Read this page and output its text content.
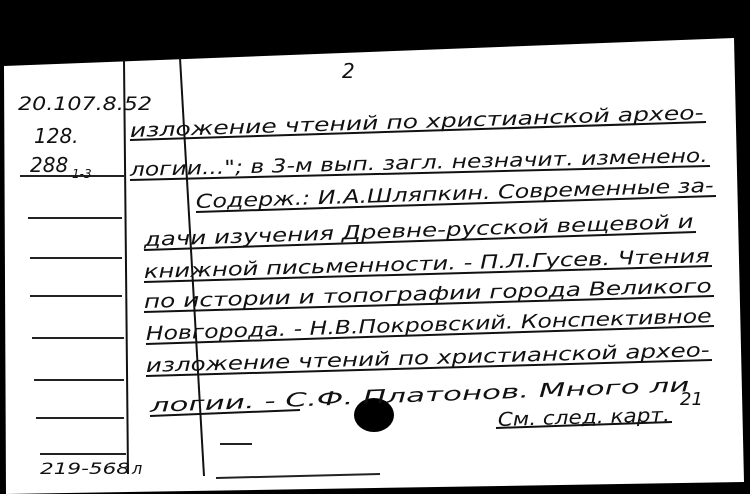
2
20.107.8.52
128.
288 1-3
219-568 л
изложение чтений по христианской архео-
логии..."; в 3-м вып. загл. незначит. изменено.
Содерж.: И.А.Шляпкин. Современные за-
дачи изучения Древне-русской вещевой и
книжной письменности. - П.Л.Гусев. Чтения
по истории и топографии города Великого
Новгорода. - Н.В.Покровский. Конспективное
изложение чтений по христианской архео-
логии. - С.Ф. Платонов. Много ли
См. след. карт.
21
